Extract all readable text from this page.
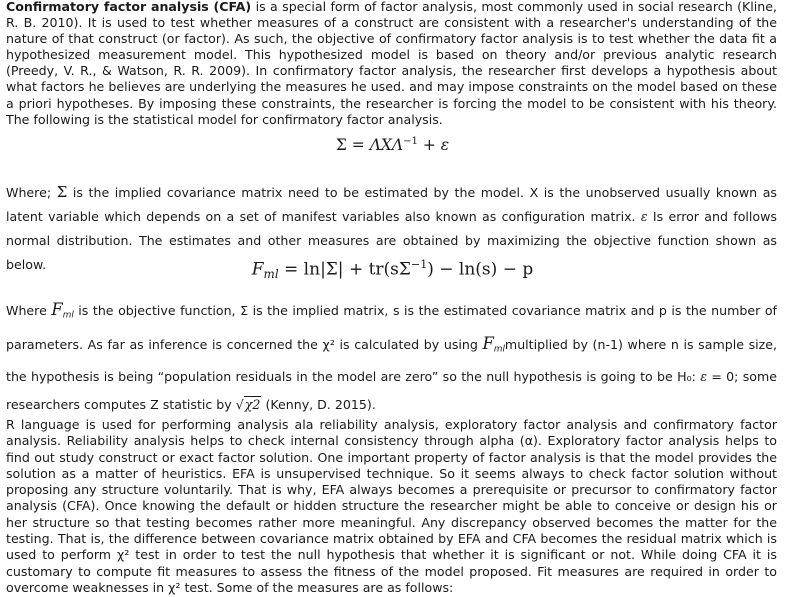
Confirmatory factor analysis (CFA) is a special form of factor analysis, most commonly used in social research (Kline, R. B. 2010). It is used to test whether measures of a construct are consistent with a researcher's understanding of the nature of that construct (or factor). As such, the objective of confirmatory factor analysis is to test whether the data fit a hypothesized measurement model. This hypothesized model is based on theory and/or previous analytic research (Preedy, V. R., & Watson, R. R. 2009). In confirmatory factor analysis, the researcher first develops a hypothesis about what factors he believes are underlying the measures he used. and may impose constraints on the model based on these a priori hypotheses. By imposing these constraints, the researcher is forcing the model to be consistent with his theory. The following is the statistical model for confirmatory factor analysis.

$\Sigma = \Lambda X\Lambda^{-1} + \varepsilon$

Where; Σ is the implied covariance matrix need to be estimated by the model. X is the unobserved usually known as latent variable which depends on a set of manifest variables also known as configuration matrix. ε Is error and follows normal distribution. The estimates and other measures are obtained by maximizing the objective function shown as below.	$F_{ml} = \ln|\Sigma| + tr(s\Sigma^{-1}) - \ln(s) - p$

Where $F_{ml}$ is the objective function, Σ is the implied matrix, s is the estimated covariance matrix and p is the number of parameters. As far as inference is concerned the χ² is calculated by using $F_{ml}multiplied$ by (n-1) where n is sample size, the hypothesis is being “population residuals in the model are zero” so the null hypothesis is going to be H₀: ε = 0; some researchers computes Z statistic by √χ2 (Kenny, D. 2015).

R language is used for performing analysis ala reliability analysis, exploratory factor analysis and confirmatory factor analysis. Reliability analysis helps to check internal consistency through alpha (α). Exploratory factor analysis helps to find out study construct or exact factor solution. One important property of factor analysis is that the model provides the solution as a matter of heuristics. EFA is unsupervised technique. So it seems always to check factor solution without proposing any structure voluntarily. That is why, EFA always becomes a prerequisite or precursor to confirmatory factor analysis (CFA). Once knowing the default or hidden structure the researcher might be able to conceive or design his or her structure so that testing becomes rather more meaningful. Any discrepancy observed becomes the matter for the testing. That is, the difference between covariance matrix obtained by EFA and CFA becomes the residual matrix which is used to perform χ² test in order to test the null hypothesis that whether it is significant or not. While doing CFA it is customary to compute fit measures to assess the fitness of the model proposed. Fit measures are required in order to overcome weaknesses in χ² test. Some of the measures are as follows:
